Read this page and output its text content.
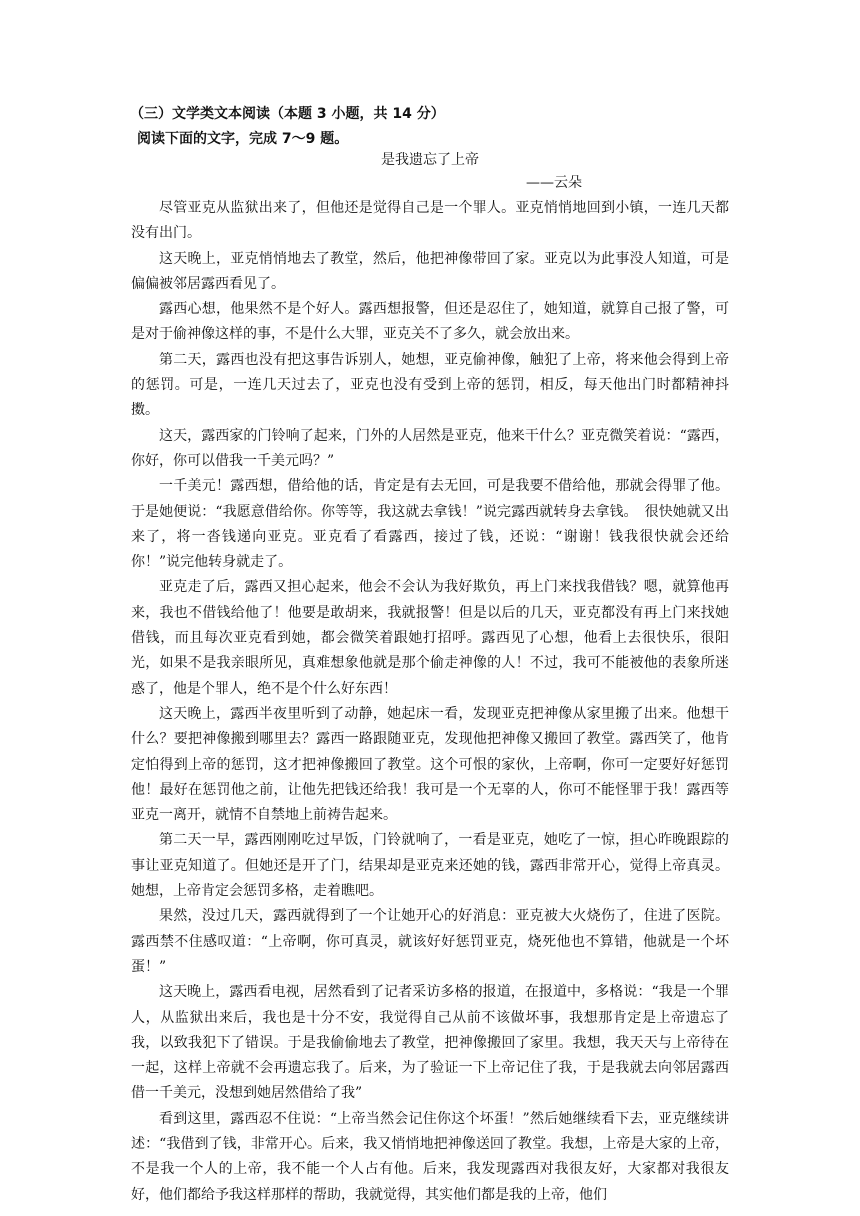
（三）文学类文本阅读（本题 3 小题，共 14 分）
阅读下面的文字，完成 7～9 题。
是我遗忘了上帝
——云朵

尽管亚克从监狱出来了，但他还是觉得自己是一个罪人。亚克悄悄地回到小镇，一连几天都没有出门。

这天晚上，亚克悄悄地去了教堂，然后，他把神像带回了家。亚克以为此事没人知道，可是偏偏被邻居露西看见了。

露西心想，他果然不是个好人。露西想报警，但还是忍住了，她知道，就算自己报了警，可是对于偷神像这样的事，不是什么大罪，亚克关不了多久，就会放出来。

第二天，露西也没有把这事告诉别人，她想，亚克偷神像，触犯了上帝，将来他会得到上帝的惩罚。可是，一连几天过去了，亚克也没有受到上帝的惩罚，相反，每天他出门时都精神抖擞。

这天，露西家的门铃响了起来，门外的人居然是亚克，他来干什么？亚克微笑着说：“露西，你好，你可以借我一千美元吗？”

一千美元！露西想，借给他的话，肯定是有去无回，可是我要不借给他，那就会得罪了他。于是她便说：“我愿意借给你。你等等，我这就去拿钱！”说完露西就转身去拿钱。　很快她就又出来了，将一沓钱递向亚克。亚克看了看露西，接过了钱，还说：“谢谢！钱我很快就会还给你！”说完他转身就走了。

亚克走了后，露西又担心起来，他会不会认为我好欺负，再上门来找我借钱？嗯，就算他再来，我也不借钱给他了！他要是敢胡来，我就报警！但是以后的几天，亚克都没有再上门来找她借钱，而且每次亚克看到她，都会微笑着跟她打招呼。露西见了心想，他看上去很快乐，很阳光，如果不是我亲眼所见，真难想象他就是那个偷走神像的人！不过，我可不能被他的表象所迷惑了，他是个罪人，绝不是个什么好东西！

这天晚上，露西半夜里听到了动静，她起床一看，发现亚克把神像从家里搬了出来。他想干什么？要把神像搬到哪里去？露西一路跟随亚克，发现他把神像又搬回了教堂。露西笑了，他肯定怕得到上帝的惩罚，这才把神像搬回了教堂。这个可恨的家伙，上帝啊，你可一定要好好惩罚他！最好在惩罚他之前，让他先把钱还给我！我可是一个无辜的人，你可不能怪罪于我！露西等亚克一离开，就情不自禁地上前祷告起来。

第二天一早，露西刚刚吃过早饭，门铃就响了，一看是亚克，她吃了一惊，担心昨晚跟踪的事让亚克知道了。但她还是开了门，结果却是亚克来还她的钱，露西非常开心，觉得上帝真灵。她想，上帝肯定会惩罚多格，走着瞧吧。

果然，没过几天，露西就得到了一个让她开心的好消息：亚克被大火烧伤了，住进了医院。露西禁不住感叹道：“上帝啊，你可真灵，就该好好惩罚亚克，烧死他也不算错，他就是一个坏蛋！”

这天晚上，露西看电视，居然看到了记者采访多格的报道，在报道中，多格说：“我是一个罪人，从监狱出来后，我也是十分不安，我觉得自己从前不该做坏事，我想那肯定是上帝遗忘了我，以致我犯下了错误。于是我偷偷地去了教堂，把神像搬回了家里。我想，我天天与上帝待在一起，这样上帝就不会再遗忘我了。后来，为了验证一下上帝记住了我，于是我就去向邻居露西借一千美元，没想到她居然借给了我”

看到这里，露西忍不住说：“上帝当然会记住你这个坏蛋！”然后她继续看下去，亚克继续讲述：“我借到了钱，非常开心。后来，我又悄悄地把神像送回了教堂。我想，上帝是大家的上帝，不是我一个人的上帝，我不能一个人占有他。后来，我发现露西对我很友好，大家都对我很友好，他们都给予我这样那样的帮助，我就觉得，其实他们都是我的上帝，他们
